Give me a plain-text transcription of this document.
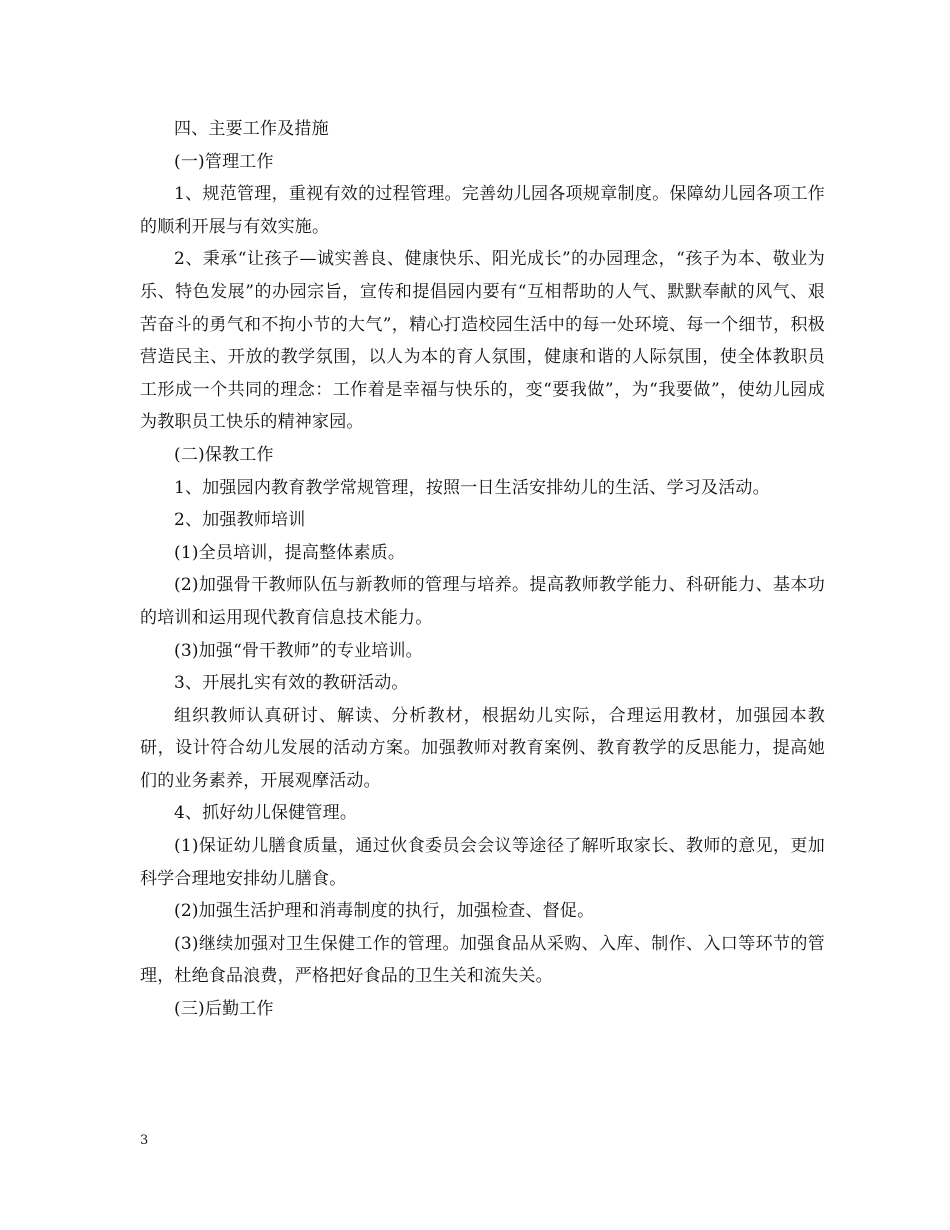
四、主要工作及措施

(一)管理工作

1、规范管理，重视有效的过程管理。完善幼儿园各项规章制度。保障幼儿园各项工作的顺利开展与有效实施。

2、秉承“让孩子—诚实善良、健康快乐、阳光成长”的办园理念，“孩子为本、敬业为乐、特色发展”的办园宗旨，宣传和提倡园内要有“互相帮助的人气、默默奉献的风气、艰苦奋斗的勇气和不拘小节的大气”，精心打造校园生活中的每一处环境、每一个细节，积极营造民主、开放的教学氛围，以人为本的育人氛围，健康和谐的人际氛围，使全体教职员工形成一个共同的理念：工作着是幸福与快乐的，变“要我做”，为“我要做”，使幼儿园成为教职员工快乐的精神家园。

(二)保教工作

1、加强园内教育教学常规管理，按照一日生活安排幼儿的生活、学习及活动。

2、加强教师培训

(1)全员培训，提高整体素质。

(2)加强骨干教师队伍与新教师的管理与培养。提高教师教学能力、科研能力、基本功的培训和运用现代教育信息技术能力。

(3)加强“骨干教师”的专业培训。

3、开展扎实有效的教研活动。

组织教师认真研讨、解读、分析教材，根据幼儿实际，合理运用教材，加强园本教研，设计符合幼儿发展的活动方案。加强教师对教育案例、教育教学的反思能力，提高她们的业务素养，开展观摩活动。

4、抓好幼儿保健管理。

(1)保证幼儿膳食质量，通过伙食委员会会议等途径了解听取家长、教师的意见，更加科学合理地安排幼儿膳食。

(2)加强生活护理和消毒制度的执行，加强检查、督促。

(3)继续加强对卫生保健工作的管理。加强食品从采购、入库、制作、入口等环节的管理，杜绝食品浪费，严格把好食品的卫生关和流失关。

(三)后勤工作

3
